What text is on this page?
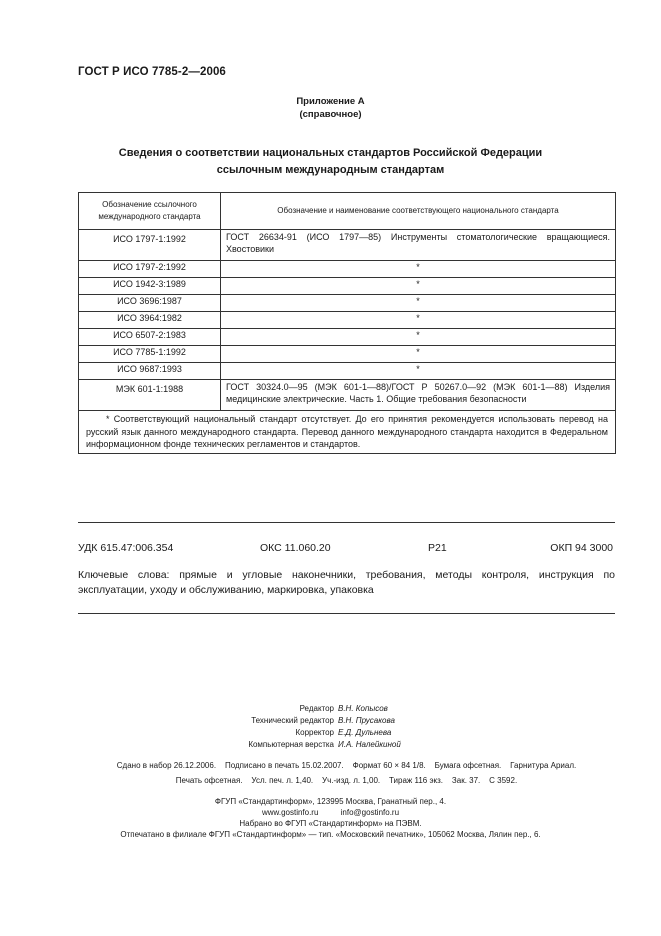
ГОСТ Р ИСО 7785-2—2006
Приложение А
(справочное)
Сведения о соответствии национальных стандартов Российской Федерации
ссылочным международным стандартам
Обозначение ссылочного международного стандарта	Обозначение и наименование соответствующего национального стандарта
ИСО 1797-1:1992	ГОСТ 26634-91 (ИСО 1797—85) Инструменты стоматологические вращающиеся. Хвостовики
ИСО 1797-2:1992	*
ИСО 1942-3:1989	*
ИСО 3696:1987	*
ИСО 3964:1982	*
ИСО 6507-2:1983	*
ИСО 7785-1:1992	*
ИСО 9687:1993	*
МЭК 601-1:1988	ГОСТ 30324.0—95 (МЭК 601-1—88)/ГОСТ Р 50267.0—92 (МЭК 601-1—88) Изделия медицинские электрические. Часть 1. Общие требования безопасности
* Соответствующий национальный стандарт отсутствует. До его принятия рекомендуется использовать перевод на русский язык данного международного стандарта. Перевод данного международного стандарта находится в Федеральном информационном фонде технических регламентов и стандартов.	
УДК 615.47:006.354	ОКС 11.060.20	Р21	ОКП 94 3000
Ключевые слова: прямые и угловые наконечники, требования, методы контроля, инструкция по эксплуатации, уходу и обслуживанию, маркировка, упаковка
Редактор В.Н. Копысов
Технический редактор В.Н. Прусакова
Корректор Е.Д. Дульнева
Компьютерная верстка И.А. Налейкиной
Сдано в набор 26.12.2006.    Подписано в печать 15.02.2007.    Формат 60 × 84 1/8.    Бумага офсетная.    Гарнитура Ариал.
Печать офсетная.    Усл. печ. л. 1,40.    Уч.-изд. л. 1,00.    Тираж 116 экз.    Зак. 37.    С 3592.
ФГУП «Стандартинформ», 123995 Москва, Гранатный пер., 4.
www.gostinfo.ru          info@gostinfo.ru
Набрано во ФГУП «Стандартинформ» на ПЭВМ.
Отпечатано в филиале ФГУП «Стандартинформ» — тип. «Московский печатник», 105062 Москва, Лялин пер., 6.
